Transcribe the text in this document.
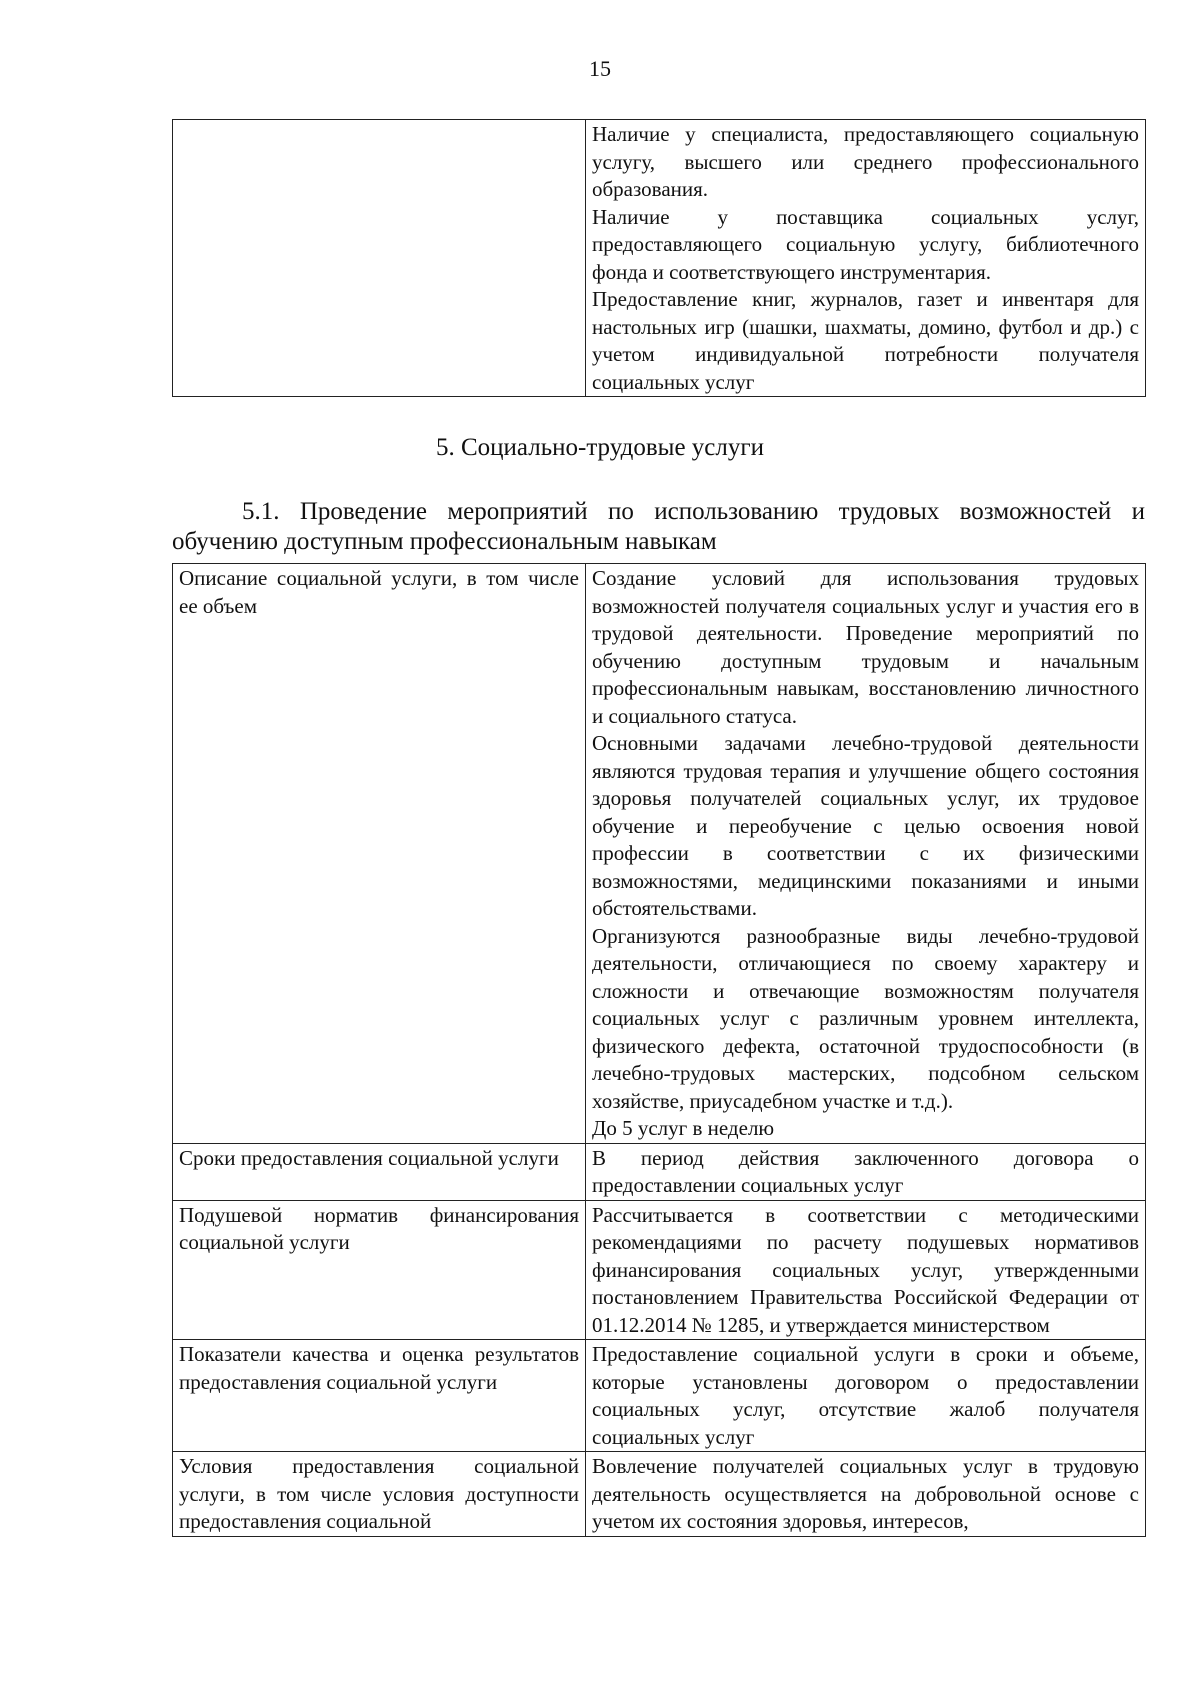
15

Наличие у специалиста, предоставляющего социальную услугу, высшего или среднего профессионального образования.
Наличие у поставщика социальных услуг, предоставляющего социальную услугу, библиотечного фонда и соответствующего инструментария.
Предоставление книг, журналов, газет и инвентаря для настольных игр (шашки, шахматы, домино, футбол и др.) с учетом индивидуальной потребности получателя социальных услуг
5. Социально-трудовые услуги
5.1. Проведение мероприятий по использованию трудовых возможностей и обучению доступным профессиональным навыкам
Описание социальной услуги, в том числе ее объем	Создание условий для использования трудовых возможностей получателя социальных услуг и участия его в трудовой деятельности. Проведение мероприятий по обучению доступным трудовым и начальным профессиональным навыкам, восстановлению личностного и социального статуса.
Основными задачами лечебно-трудовой деятельности являются трудовая терапия и улучшение общего состояния здоровья получателей социальных услуг, их трудовое обучение и переобучение с целью освоения новой профессии в соответствии с их физическими возможностями, медицинскими показаниями и иными обстоятельствами.
Организуются разнообразные виды лечебно-трудовой деятельности, отличающиеся по своему характеру и сложности и отвечающие возможностям получателя социальных услуг с различным уровнем интеллекта, физического дефекта, остаточной трудоспособности (в лечебно-трудовых мастерских, подсобном сельском хозяйстве, приусадебном участке и т.д.).
До 5 услуг в неделю

Сроки предоставления социальной услуги	В период действия заключенного договора о предоставлении социальных услуг

Подушевой норматив финансирования социальной услуги	Рассчитывается в соответствии с методическими рекомендациями по расчету подушевых нормативов финансирования социальных услуг, утвержденными постановлением Правительства Российской Федерации от 01.12.2014 № 1285, и утверждается министерством

Показатели качества и оценка результатов предоставления социальной услуги	Предоставление социальной услуги в сроки и объеме, которые установлены договором о предоставлении социальных услуг, отсутствие жалоб получателя социальных услуг

Условия предоставления социальной услуги, в том числе условия доступности предоставления социальной	Вовлечение получателей социальных услуг в трудовую деятельность осуществляется на добровольной основе с учетом их состояния здоровья, интересов,
